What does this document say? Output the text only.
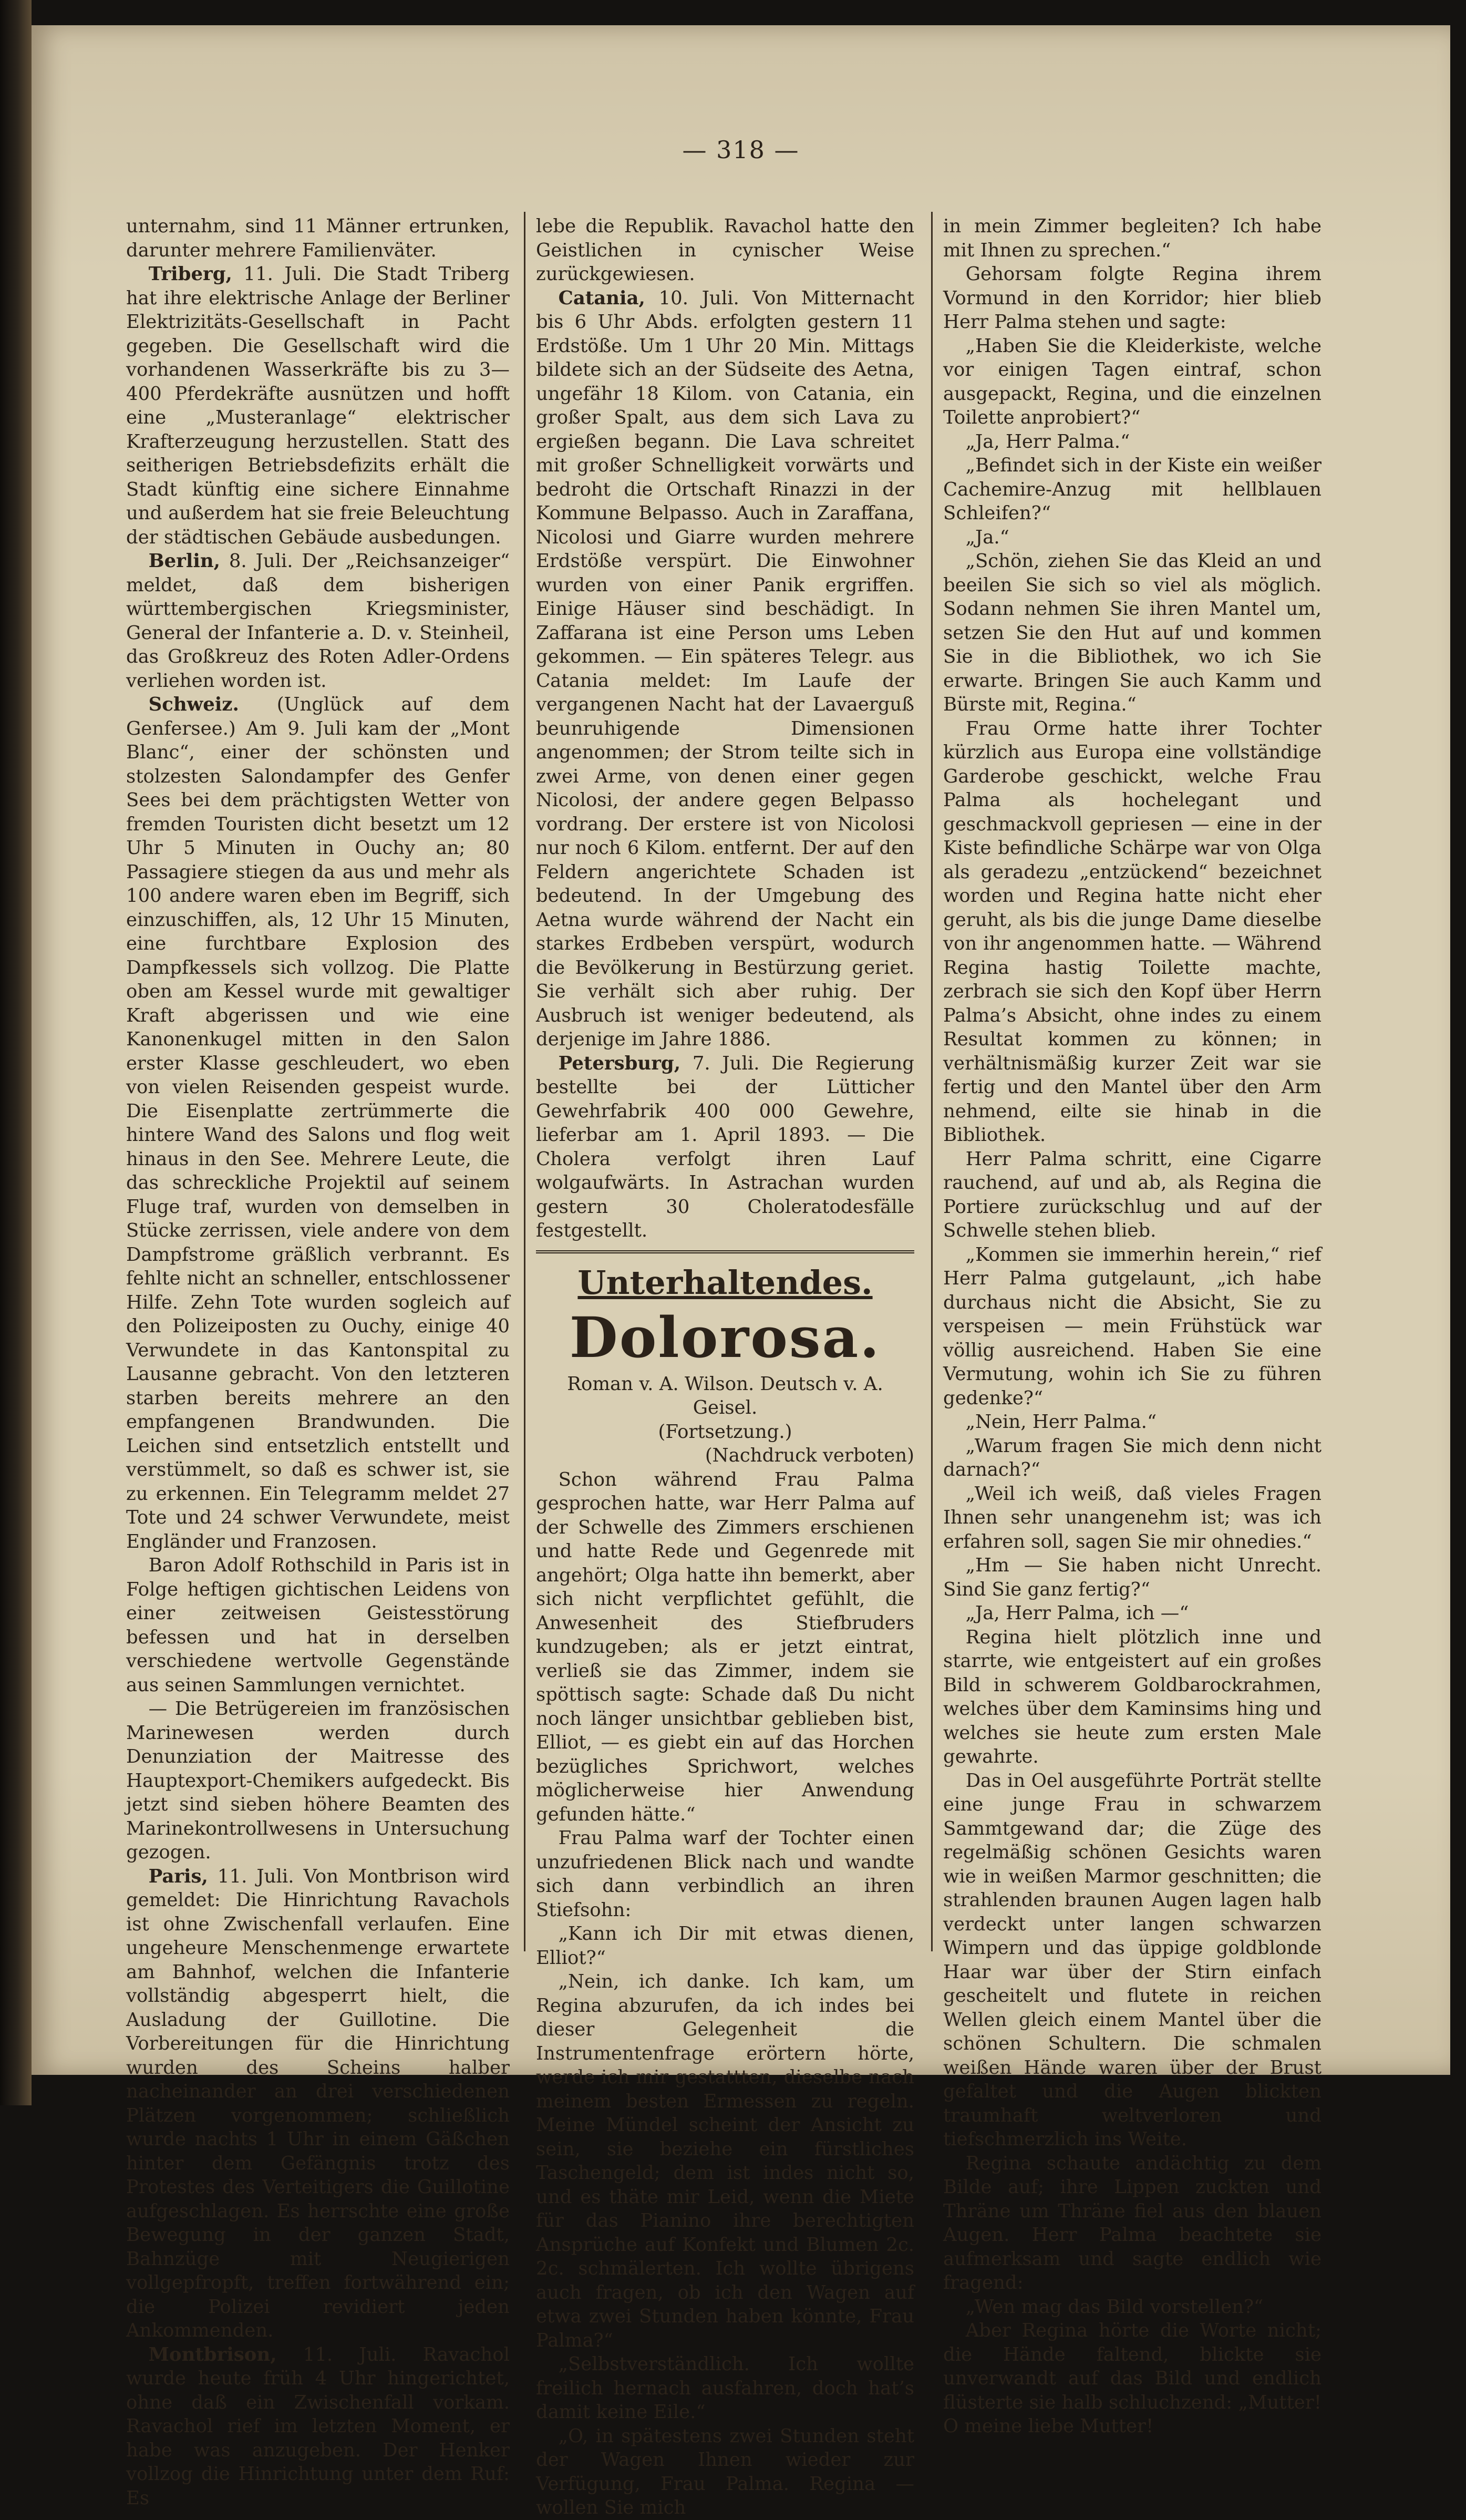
— 318 —

unternahm, sind 11 Männer ertrunken, darunter mehrere Familienväter.

Triberg, 11. Juli. Die Stadt Triberg hat ihre elektrische Anlage der Berliner Elektrizitäts-Gesellschaft in Pacht gegeben. Die Gesellschaft wird die vorhandenen Wasserkräfte bis zu 3—400 Pferdekräfte ausnützen und hofft eine „Musteranlage“ elektrischer Krafterzeugung herzustellen. Statt des seitherigen Betriebsdefizits erhält die Stadt künftig eine sichere Einnahme und außerdem hat sie freie Beleuchtung der städtischen Gebäude ausbedungen.

Berlin, 8. Juli. Der „Reichsanzeiger“ meldet, daß dem bisherigen württembergischen Kriegsminister, General der Infanterie a. D. v. Steinheil, das Großkreuz des Roten Adler-Ordens verliehen worden ist.

Schweiz. (Unglück auf dem Genfersee.) Am 9. Juli kam der „Mont Blanc“, einer der schönsten und stolzesten Salondampfer des Genfer Sees bei dem prächtigsten Wetter von fremden Touristen dicht besetzt um 12 Uhr 5 Minuten in Ouchy an; 80 Passagiere stiegen da aus und mehr als 100 andere waren eben im Begriff, sich einzuschiffen, als, 12 Uhr 15 Minuten, eine furchtbare Explosion des Dampfkessels sich vollzog. Die Platte oben am Kessel wurde mit gewaltiger Kraft abgerissen und wie eine Kanonenkugel mitten in den Salon erster Klasse geschleudert, wo eben von vielen Reisenden gespeist wurde. Die Eisenplatte zertrümmerte die hintere Wand des Salons und flog weit hinaus in den See. Mehrere Leute, die das schreckliche Projektil auf seinem Fluge traf, wurden von demselben in Stücke zerrissen, viele andere von dem Dampfstrome gräßlich verbrannt. Es fehlte nicht an schneller, entschlossener Hilfe. Zehn Tote wurden sogleich auf den Polizeiposten zu Ouchy, einige 40 Verwundete in das Kantonspital zu Lausanne gebracht. Von den letzteren starben bereits mehrere an den empfangenen Brandwunden. Die Leichen sind entsetzlich entstellt und verstümmelt, so daß es schwer ist, sie zu erkennen. Ein Telegramm meldet 27 Tote und 24 schwer Verwundete, meist Engländer und Franzosen.

Baron Adolf Rothschild in Paris ist in Folge heftigen gichtischen Leidens von einer zeitweisen Geistesstörung befessen und hat in derselben verschiedene wertvolle Gegenstände aus seinen Sammlungen vernichtet.

— Die Betrügereien im französischen Marinewesen werden durch Denunziation der Maitresse des Hauptexport-Chemikers aufgedeckt. Bis jetzt sind sieben höhere Beamten des Marinekontrollwesens in Untersuchung gezogen.

Paris, 11. Juli. Von Montbrison wird gemeldet: Die Hinrichtung Ravachols ist ohne Zwischenfall verlaufen. Eine ungeheure Menschenmenge erwartete am Bahnhof, welchen die Infanterie vollständig abgesperrt hielt, die Ausladung der Guillotine. Die Vorbereitungen für die Hinrichtung wurden des Scheins halber nacheinander an drei verschiedenen Plätzen vorgenommen; schließlich wurde nachts 1 Uhr in einem Gäßchen hinter dem Gefängnis trotz des Protestes des Verteitigers die Guillotine aufgeschlagen. Es herrschte eine große Bewegung in der ganzen Stadt, Bahnzüge mit Neugierigen vollgepfropft, treffen fortwährend ein; die Polizei revidiert jeden Ankommenden.

Montbrison, 11. Juli. Ravachol wurde heute früh 4 Uhr hingerichtet, ohne daß ein Zwischenfall vorkam. Ravachol rief im letzten Moment, er habe was anzugeben. Der Henker vollzog die Hinrichtung unter dem Ruf: Es

lebe die Republik. Ravachol hatte den Geistlichen in cynischer Weise zurückgewiesen.

Catania, 10. Juli. Von Mitternacht bis 6 Uhr Abds. erfolgten gestern 11 Erdstöße. Um 1 Uhr 20 Min. Mittags bildete sich an der Südseite des Aetna, ungefähr 18 Kilom. von Catania, ein großer Spalt, aus dem sich Lava zu ergießen begann. Die Lava schreitet mit großer Schnelligkeit vorwärts und bedroht die Ortschaft Rinazzi in der Kommune Belpasso. Auch in Zaraffana, Nicolosi und Giarre wurden mehrere Erdstöße verspürt. Die Einwohner wurden von einer Panik ergriffen. Einige Häuser sind beschädigt. In Zaffarana ist eine Person ums Leben gekommen. — Ein späteres Telegr. aus Catania meldet: Im Laufe der vergangenen Nacht hat der Lavaerguß beunruhigende Dimensionen angenommen; der Strom teilte sich in zwei Arme, von denen einer gegen Nicolosi, der andere gegen Belpasso vordrang. Der erstere ist von Nicolosi nur noch 6 Kilom. entfernt. Der auf den Feldern angerichtete Schaden ist bedeutend. In der Umgebung des Aetna wurde während der Nacht ein starkes Erdbeben verspürt, wodurch die Bevölkerung in Bestürzung geriet. Sie verhält sich aber ruhig. Der Ausbruch ist weniger bedeutend, als derjenige im Jahre 1886.

Petersburg, 7. Juli. Die Regierung bestellte bei der Lütticher Gewehrfabrik 400 000 Gewehre, lieferbar am 1. April 1893. — Die Cholera verfolgt ihren Lauf wolgaufwärts. In Astrachan wurden gestern 30 Choleratodesfälle festgestellt.

Unterhaltendes.
Dolorosa.

Roman v. A. Wilson. Deutsch v. A. Geisel.

(Fortsetzung.)

(Nachdruck verboten)

Schon während Frau Palma gesprochen hatte, war Herr Palma auf der Schwelle des Zimmers erschienen und hatte Rede und Gegenrede mit angehört; Olga hatte ihn bemerkt, aber sich nicht verpflichtet gefühlt, die Anwesenheit des Stiefbruders kundzugeben; als er jetzt eintrat, verließ sie das Zimmer, indem sie spöttisch sagte: Schade daß Du nicht noch länger unsichtbar geblieben bist, Elliot, — es giebt ein auf das Horchen bezügliches Sprichwort, welches möglicherweise hier Anwendung gefunden hätte.“

Frau Palma warf der Tochter einen unzufriedenen Blick nach und wandte sich dann verbindlich an ihren Stiefsohn:

„Kann ich Dir mit etwas dienen, Elliot?“

„Nein, ich danke. Ich kam, um Regina abzurufen, da ich indes bei dieser Gelegenheit die Instrumentenfrage erörtern hörte, werde ich mir gestattten, dieselbe nach meinem besten Ermessen zu regeln. Meine Mündel scheint der Ansicht zu sein, sie beziehe ein fürstliches Taschengeld; dem ist indes nicht so, und es thäte mir Leid, wenn die Miete für das Pianino ihre berechtigten Ansprüche auf Konfekt und Blumen 2c. 2c. schmälerten. Ich wollte übrigens auch fragen, ob ich den Wagen auf etwa zwei Stunden haben könnte, Frau Palma?“

„Selbstverständlich. Ich wollte freilich hernach ausfahren, doch hat’s damit keine Eile.“

„O, in spätestens zwei Stunden steht der Wagen Ihnen wieder zur Verfügung, Frau Palma. Regina — wollen Sie mich

in mein Zimmer begleiten? Ich habe mit Ihnen zu sprechen.“

Gehorsam folgte Regina ihrem Vormund in den Korridor; hier blieb Herr Palma stehen und sagte:

„Haben Sie die Kleiderkiste, welche vor einigen Tagen eintraf, schon ausgepackt, Regina, und die einzelnen Toilette anprobiert?“

„Ja, Herr Palma.“

„Befindet sich in der Kiste ein weißer Cachemire-Anzug mit hellblauen Schleifen?“

„Ja.“

„Schön, ziehen Sie das Kleid an und beeilen Sie sich so viel als möglich. Sodann nehmen Sie ihren Mantel um, setzen Sie den Hut auf und kommen Sie in die Bibliothek, wo ich Sie erwarte. Bringen Sie auch Kamm und Bürste mit, Regina.“

Frau Orme hatte ihrer Tochter kürzlich aus Europa eine vollständige Garderobe geschickt, welche Frau Palma als hochelegant und geschmackvoll gepriesen — eine in der Kiste befindliche Schärpe war von Olga als geradezu „entzückend“ bezeichnet worden und Regina hatte nicht eher geruht, als bis die junge Dame dieselbe von ihr angenommen hatte. — Während Regina hastig Toilette machte, zerbrach sie sich den Kopf über Herrn Palma’s Absicht, ohne indes zu einem Resultat kommen zu können; in verhältnismäßig kurzer Zeit war sie fertig und den Mantel über den Arm nehmend, eilte sie hinab in die Bibliothek.

Herr Palma schritt, eine Cigarre rauchend, auf und ab, als Regina die Portiere zurückschlug und auf der Schwelle stehen blieb.

„Kommen sie immerhin herein,“ rief Herr Palma gutgelaunt, „ich habe durchaus nicht die Absicht, Sie zu verspeisen — mein Frühstück war völlig ausreichend. Haben Sie eine Vermutung, wohin ich Sie zu führen gedenke?“

„Nein, Herr Palma.“

„Warum fragen Sie mich denn nicht darnach?“

„Weil ich weiß, daß vieles Fragen Ihnen sehr unangenehm ist; was ich erfahren soll, sagen Sie mir ohnedies.“

„Hm — Sie haben nicht Unrecht. Sind Sie ganz fertig?“

„Ja, Herr Palma, ich —“

Regina hielt plötzlich inne und starrte, wie entgeistert auf ein großes Bild in schwerem Goldbarockrahmen, welches über dem Kaminsims hing und welches sie heute zum ersten Male gewahrte.

Das in Oel ausgeführte Porträt stellte eine junge Frau in schwarzem Sammtgewand dar; die Züge des regelmäßig schönen Gesichts waren wie in weißen Marmor geschnitten; die strahlenden braunen Augen lagen halb verdeckt unter langen schwarzen Wimpern und das üppige goldblonde Haar war über der Stirn einfach gescheitelt und flutete in reichen Wellen gleich einem Mantel über die schönen Schultern. Die schmalen weißen Hände waren über der Brust gefaltet und die Augen blickten traumhaft weltverloren und tiefschmerzlich ins Weite.

Regina schaute andächtig zu dem Bilde auf; ihre Lippen zuckten und Thräne um Thräne fiel aus den blauen Augen. Herr Palma beachtete sie aufmerksam und sagte endlich wie fragend:

„Wen mag das Bild vorstellen?“

Aber Regina hörte die Worte nicht; die Hände faltend, blickte sie unverwandt auf das Bild und endlich flüsterte sie halb schluchzend: „Mutter! O meine liebe Mutter!
